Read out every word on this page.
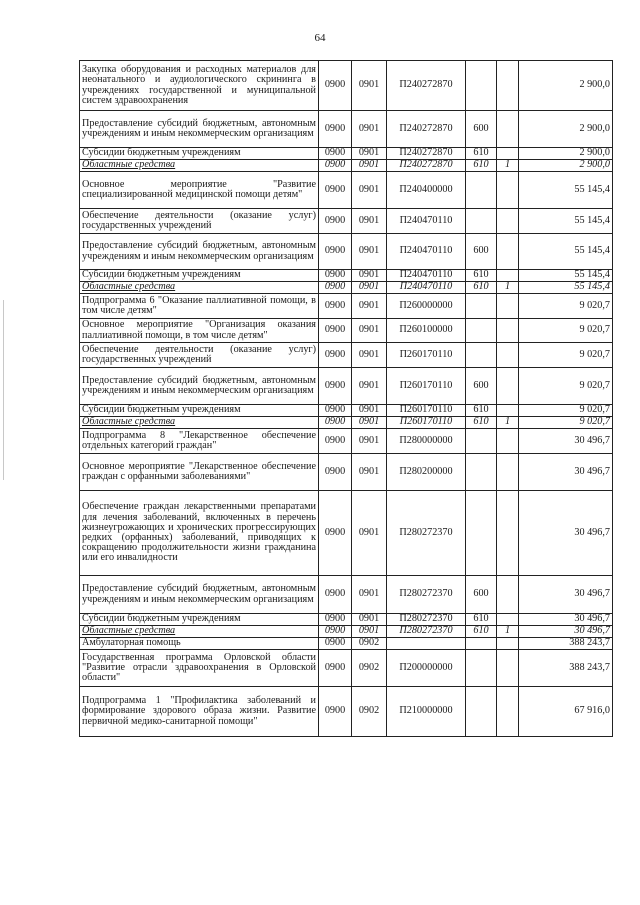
64
Закупка оборудования и расходных материалов для неонатального и аудиологического скрининга в учреждениях государственной и муниципальной систем здравоохранения	0900	0901	П240272870			2 900,0
Предоставление субсидий бюджетным, автономным учреждениям и иным некоммерческим организациям	0900	0901	П240272870	600		2 900,0
Субсидии бюджетным учреждениям	0900	0901	П240272870	610		2 900,0
Областные средства	0900	0901	П240272870	610	1	2 900,0
Основное мероприятие "Развитие специализированной медицинской помощи детям"	0900	0901	П240400000			55 145,4
Обеспечение деятельности (оказание услуг) государственных учреждений	0900	0901	П240470110			55 145,4
Предоставление субсидий бюджетным, автономным учреждениям и иным некоммерческим организациям	0900	0901	П240470110	600		55 145,4
Субсидии бюджетным учреждениям	0900	0901	П240470110	610		55 145,4
Областные средства	0900	0901	П240470110	610	1	55 145,4
Подпрограмма 6 "Оказание паллиативной помощи, в том числе детям"	0900	0901	П260000000			9 020,7
Основное мероприятие "Организация оказания паллиативной помощи, в том числе детям"	0900	0901	П260100000			9 020,7
Обеспечение деятельности (оказание услуг) государственных учреждений	0900	0901	П260170110			9 020,7
Предоставление субсидий бюджетным, автономным учреждениям и иным некоммерческим организациям	0900	0901	П260170110	600		9 020,7
Субсидии бюджетным учреждениям	0900	0901	П260170110	610		9 020,7
Областные средства	0900	0901	П260170110	610	1	9 020,7
Подпрограмма 8 "Лекарственное обеспечение отдельных категорий граждан"	0900	0901	П280000000			30 496,7
Основное мероприятие "Лекарственное обеспечение граждан с орфанными заболеваниями"	0900	0901	П280200000			30 496,7
Обеспечение граждан лекарственными препаратами для лечения заболеваний, включенных в перечень жизнеугрожающих и хронических прогрессирующих редких (орфанных) заболеваний, приводящих к сокращению продолжительности жизни гражданина или его инвалидности	0900	0901	П280272370			30 496,7
Предоставление субсидий бюджетным, автономным учреждениям и иным некоммерческим организациям	0900	0901	П280272370	600		30 496,7
Субсидии бюджетным учреждениям	0900	0901	П280272370	610		30 496,7
Областные средства	0900	0901	П280272370	610	1	30 496,7
Амбулаторная помощь	0900	0902				388 243,7
Государственная программа Орловской области "Развитие отрасли здравоохранения в Орловской области"	0900	0902	П200000000			388 243,7
Подпрограмма 1 "Профилактика заболеваний и формирование здорового образа жизни. Развитие первичной медико-санитарной помощи"	0900	0902	П210000000			67 916,0
